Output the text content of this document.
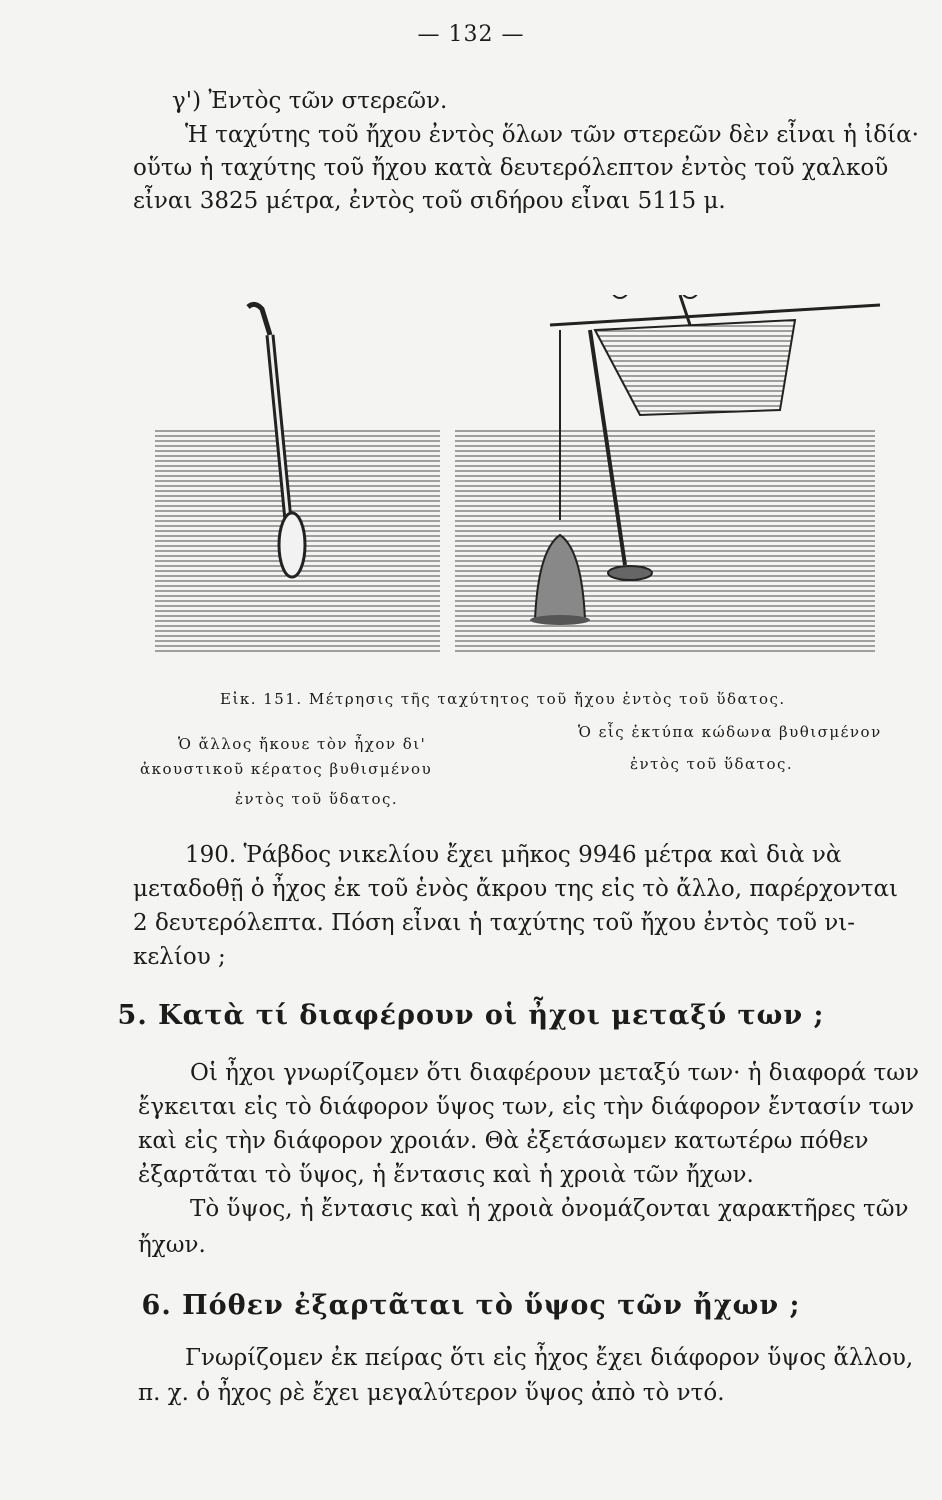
— 132 —
γ') Ἐντὸς τῶν στερεῶν.
Ἡ ταχύτης τοῦ ἤχου ἐντὸς ὅλων τῶν στερεῶν δὲν εἶναι ἡ ἰδία·
οὕτω ἡ ταχύτης τοῦ ἤχου κατὰ δευτερόλεπτον ἐντὸς τοῦ χαλκοῦ
εἶναι 3825 μέτρα, ἐντὸς τοῦ σιδήρου εἶναι 5115 μ.
Εἰκ. 151. Μέτρησις τῆς ταχύτητος τοῦ ἤχου ἐντὸς τοῦ ὕδατος.
Ὁ ἄλλος ἤκουε τὸν ἦχον δι'
ἀκουστικοῦ κέρατος βυθισμένου
ἐντὸς τοῦ ὕδατος.
Ὁ εἷς ἐκτύπα κώδωνα βυθισμένον
ἐντὸς τοῦ ὕδατος.
190. Ῥάβδος νικελίου ἔχει μῆκος 9946 μέτρα καὶ διὰ νὰ
μεταδοθῇ ὁ ἦχος ἐκ τοῦ ἑνὸς ἄκρου της εἰς τὸ ἄλλο, παρέρχονται
2 δευτερόλεπτα. Πόση εἶναι ἡ ταχύτης τοῦ ἤχου ἐντὸς τοῦ νι-
κελίου ;
5. Κατὰ τί διαφέρουν οἱ ἦχοι μεταξύ των ;
Οἱ ἦχοι γνωρίζομεν ὅτι διαφέρουν μεταξύ των· ἡ διαφορά των
ἔγκειται εἰς τὸ διάφορον ὕψος των, εἰς τὴν διάφορον ἔντασίν των
καὶ εἰς τὴν διάφορον χροιάν. Θὰ ἐξετάσωμεν κατωτέρω πόθεν
ἐξαρτᾶται τὸ ὕψος, ἡ ἔντασις καὶ ἡ χροιὰ τῶν ἤχων.
Τὸ ὕψος, ἡ ἔντασις καὶ ἡ χροιὰ ὀνομάζονται χαρακτῆρες τῶν
ἤχων.
6. Πόθεν ἐξαρτᾶται τὸ ὕψος τῶν ἤχων ;
Γνωρίζομεν ἐκ πείρας ὅτι εἰς ἦχος ἔχει διάφορον ὕψος ἄλλου,
π. χ. ὁ ἦχος ρὲ ἔχει μεγαλύτερον ὕψος ἀπὸ τὸ ντό.
